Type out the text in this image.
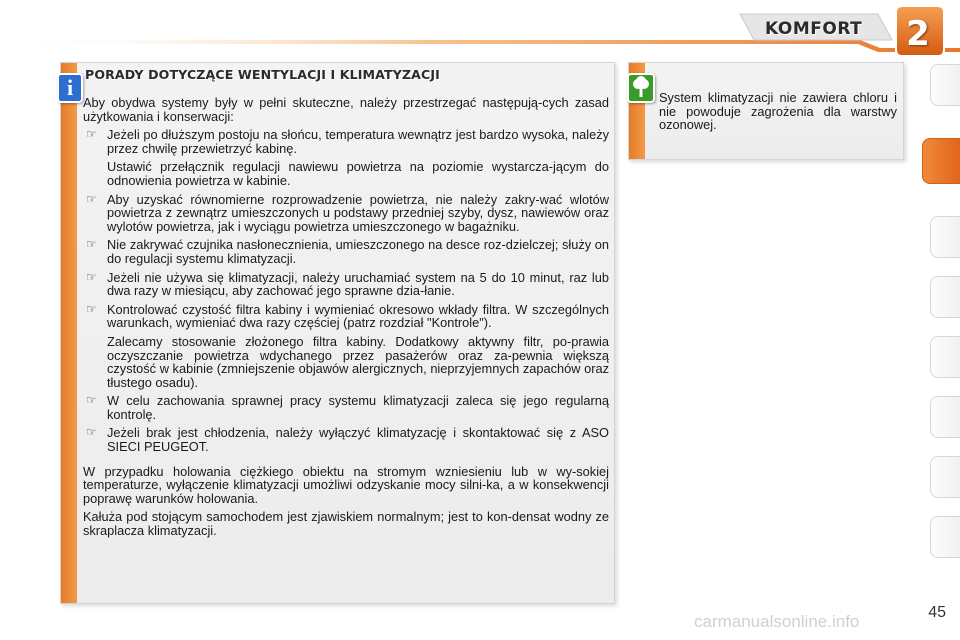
KOMFORT	2
i
PORADY DOTYCZĄCE WENTYLACJI I KLIMATYZACJI

Aby obydwa systemy były w pełni skuteczne, należy przestrzegać następują-cych zasad użytkowania i konserwacji:

☞ Jeżeli po dłuższym postoju na słońcu, temperatura wewnątrz jest bardzo wysoka, należy przez chwilę przewietrzyć kabinę.
Ustawić przełącznik regulacji nawiewu powietrza na poziomie wystarcza-jącym do odnowienia powietrza w kabinie.
☞ Aby uzyskać równomierne rozprowadzenie powietrza, nie należy zakry-wać wlotów powietrza z zewnątrz umieszczonych u podstawy przedniej szyby, dysz, nawiewów oraz wylotów powietrza, jak i wyciągu powietrza umieszczonego w bagażniku.
☞ Nie zakrywać czujnika nasłonecznienia, umieszczonego na desce roz-dzielczej; służy on do regulacji systemu klimatyzacji.
☞ Jeżeli nie używa się klimatyzacji, należy uruchamiać system na 5 do 10 minut, raz lub dwa razy w miesiącu, aby zachować jego sprawne dzia-łanie.
☞ Kontrolować czystość filtra kabiny i wymieniać okresowo wkłady filtra. W szczególnych warunkach, wymieniać dwa razy częściej (patrz rozdział "Kontrole").
Zalecamy stosowanie złożonego filtra kabiny. Dodatkowy aktywny filtr, po-prawia oczyszczanie powietrza wdychanego przez pasażerów oraz za-pewnia większą czystość w kabinie (zmniejszenie objawów alergicznych, nieprzyjemnych zapachów oraz tłustego osadu).
☞ W celu zachowania sprawnej pracy systemu klimatyzacji zaleca się jego regularną kontrolę.
☞ Jeżeli brak jest chłodzenia, należy wyłączyć klimatyzację i skontaktować się z ASO SIECI PEUGEOT.

W przypadku holowania ciężkiego obiektu na stromym wzniesieniu lub w wy-sokiej temperaturze, wyłączenie klimatyzacji umożliwi odzyskanie mocy silni-ka, a w konsekwencji poprawę warunków holowania.

Kałuża pod stojącym samochodem jest zjawiskiem normalnym; jest to kon-densat wodny ze skraplacza klimatyzacji.

System klimatyzacji nie zawiera chloru i nie powoduje zagrożenia dla warstwy ozonowej.
45
carmanualsonline.info
